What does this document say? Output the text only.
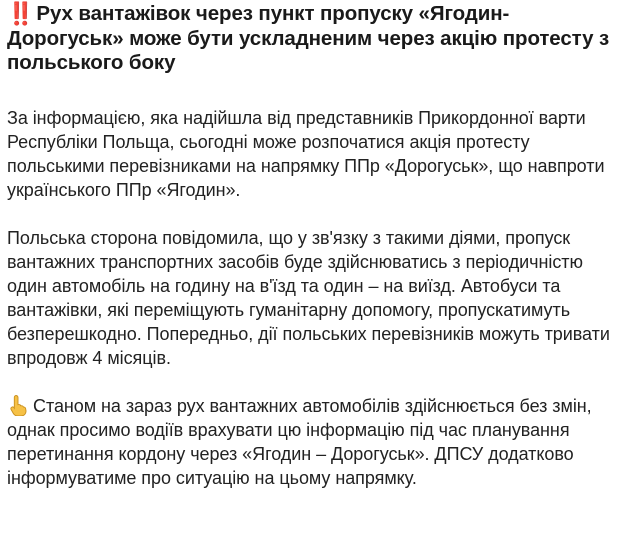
‼️ Рух вантажівок через пункт пропуску «Ягодин-Дорогуськ» може бути ускладненим через акцію протесту з польського боку

За інформацією, яка надійшла від представників Прикордонної варти Республіки Польща, сьогодні може розпочатися акція протесту польськими перевізниками на напрямку ППр «Дорогуськ», що навпроти українського ППр «Ягодин».

Польська сторона повідомила, що у зв'язку з такими діями, пропуск вантажних транспортних засобів буде здійснюватись з періодичністю один автомобіль на годину на в'їзд та один – на виїзд. Автобуси та вантажівки, які переміщують гуманітарну допомогу, пропускатимуть безперешкодно. Попередньо, дії польських перевізників можуть тривати впродовж 4 місяців.

Станом на зараз рух вантажних автомобілів здійснюється без змін, однак просимо водіїв врахувати цю інформацію під час планування перетинання кордону через «Ягодин – Дорогуськ». ДПСУ додатково інформуватиме про ситуацію на цьому напрямку.
